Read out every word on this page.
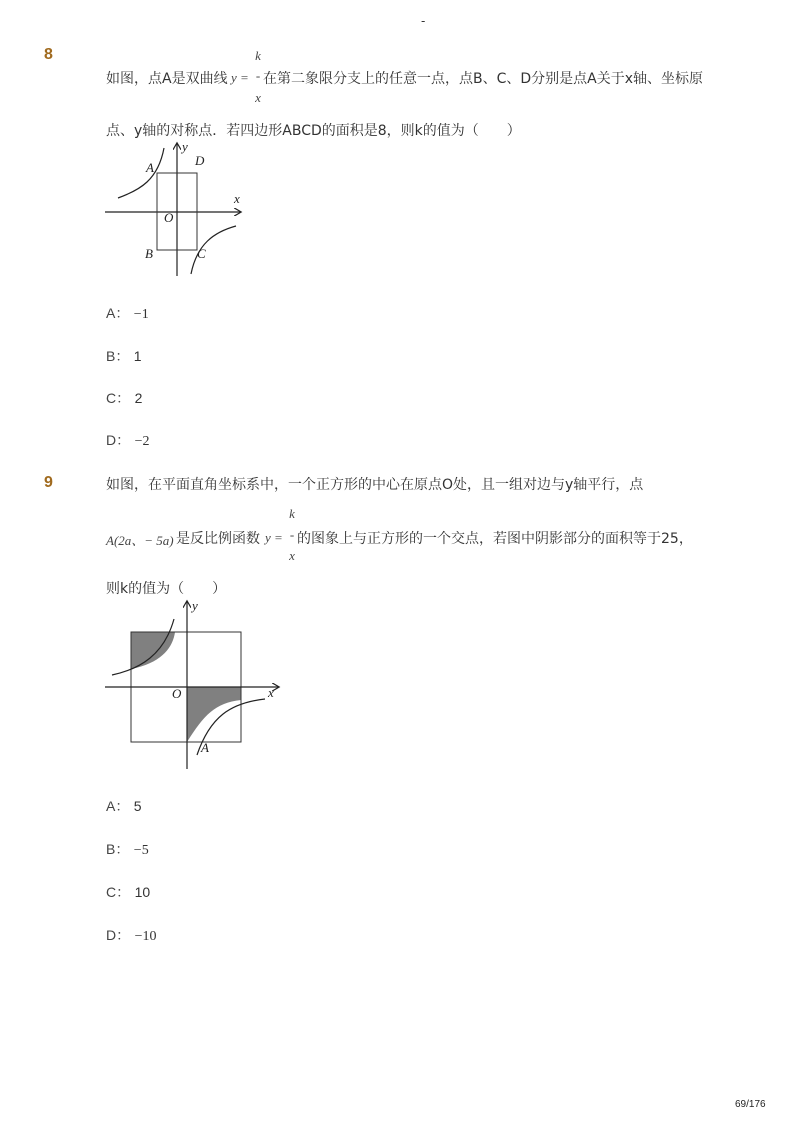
-
8
如图，点A是双曲线 y =
k
-
x
在第二象限分支上的任意一点，点B、C、D分别是点A关于x轴、坐标原
点、y轴的对称点．若四边形ABCD的面积是8，则k的值为（　　）
y
x
A	D
O
B	C
A： −1
B： 1
C： 2
D： −2
9	如图，在平面直角坐标系中，一个正方形的中心在原点O处，且一组对边与y轴平行，点
A(2a、− 5a) 是反比例函数 y =
k
-
x
的图象上与正方形的一个交点，若图中阴影部分的面积等于25，
则k的值为（　　）
y
x
O
A
A： 5
B： −5
C： 10
D： −10
69/176
